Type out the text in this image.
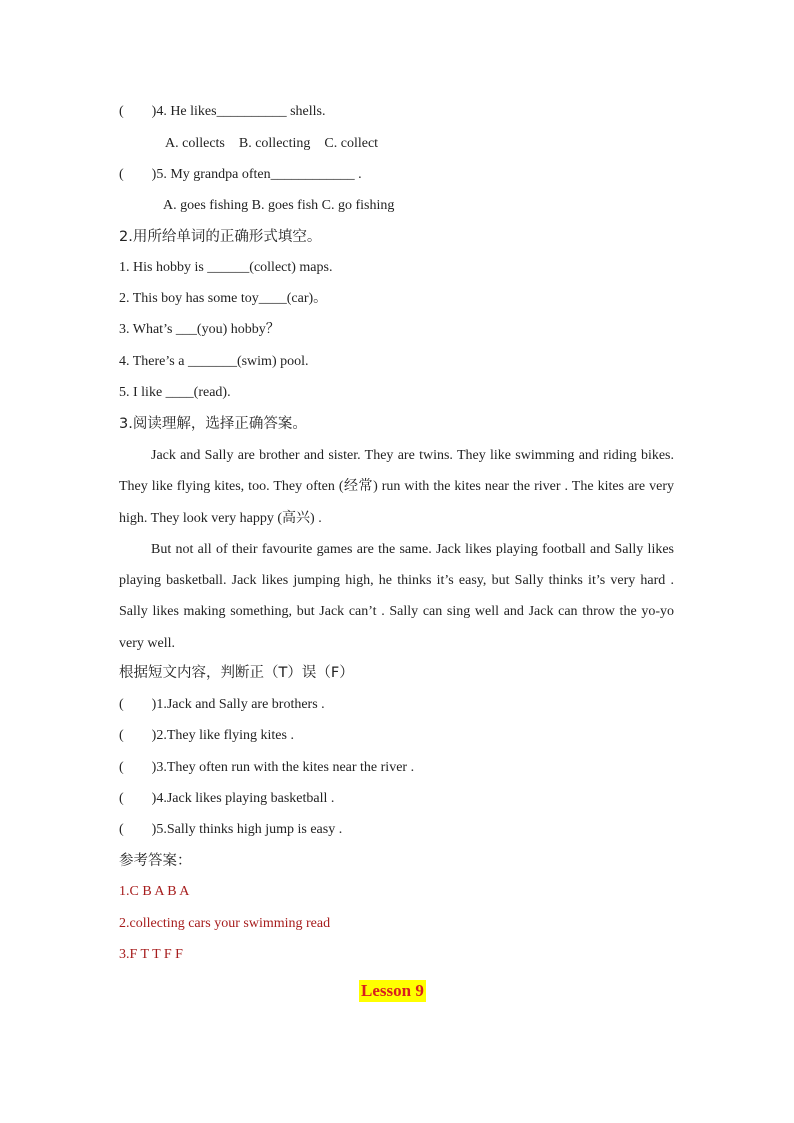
(        )4. He likes__________ shells.
A. collects    B. collecting    C. collect
(        )5. My grandpa often____________ .
A. goes fishing B. goes fish C. go fishing
2.用所给单词的正确形式填空。
1. His hobby is ______(collect) maps.
2. This boy has some toy____(car)。
3. What’s ___(you) hobby？
4. There’s a _______(swim) pool.
5. I like ____(read).
3.阅读理解，选择正确答案。

Jack and Sally are brother and sister. They are twins. They like swimming and riding bikes. They like flying kites, too. They often (经常) run with the kites near the river . The kites are very high. They look very happy (高兴) .

But not all of their favourite games are the same. Jack likes playing football and Sally likes playing basketball. Jack likes jumping high, he thinks it’s easy, but Sally thinks it’s very hard . Sally likes making something, but Jack can’t . Sally can sing well and Jack can throw the yo-yo very well.

根据短文内容，判断正（T）误（F）
(        )1.Jack and Sally are brothers .
(        )2.They like flying kites .
(        )3.They often run with the kites near the river .
(        )4.Jack likes playing basketball .
(        )5.Sally thinks high jump is easy .
参考答案：
1.C B A B A
2.collecting cars your swimming read
3.F T T F F
Lesson 9
